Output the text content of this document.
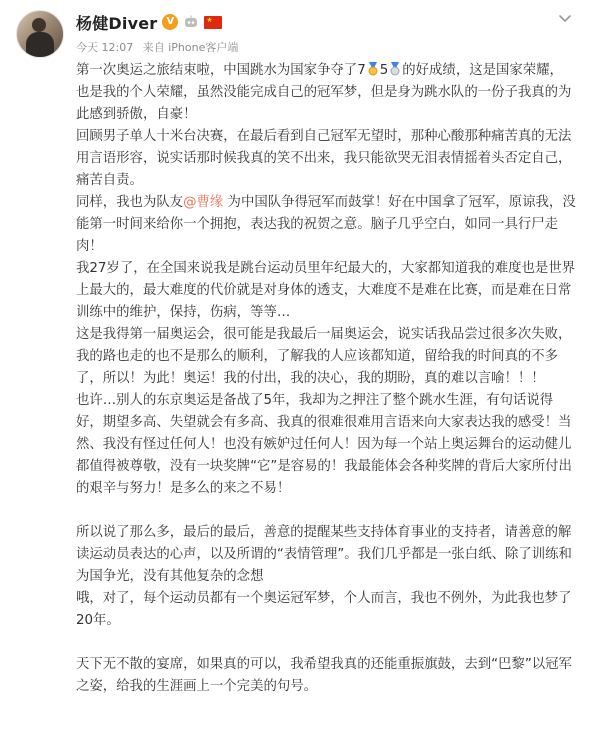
杨健Diver V	★
今天 12:07 来自 iPhone客户端

第一次奥运之旅结束啦，中国跳水为国家争夺了7 5 的好成绩，这是国家荣耀，也是我的个人荣耀，虽然没能完成自己的冠军梦，但是身为跳水队的一份子我真的为此感到骄傲，自豪！

回顾男子单人十米台决赛，在最后看到自己冠军无望时，那种心酸那种痛苦真的无法用言语形容，说实话那时候我真的笑不出来，我只能欲哭无泪表情摇着头否定自己，痛苦自责。

同样，我也为队友@曹缘 为中国队争得冠军而鼓掌！好在中国拿了冠军，原谅我，没能第一时间来给你一个拥抱，表达我的祝贺之意。脑子几乎空白，如同一具行尸走肉！

我27岁了，在全国来说我是跳台运动员里年纪最大的，大家都知道我的难度也是世界上最大的，最大难度的代价就是对身体的透支，大难度不是难在比赛，而是难在日常训练中的维护，保持，伤病，等等…

这是我得第一届奥运会，很可能是我最后一届奥运会，说实话我品尝过很多次失败，我的路也走的也不是那么的顺利，了解我的人应该都知道，留给我的时间真的不多了，所以！为此！奥运！我的付出，我的决心，我的期盼，真的难以言喻！！！

也许…别人的东京奥运是备战了5年，我却为之押注了整个跳水生涯，有句话说得好，期望多高、失望就会有多高、我真的很难很难用言语来向大家表达我的感受！当然、我没有怪过任何人！也没有嫉妒过任何人！因为每一个站上奥运舞台的运动健儿都值得被尊敬，没有一块奖牌“它”是容易的！我最能体会各种奖牌的背后大家所付出的艰辛与努力！是多么的来之不易！

所以说了那么多，最后的最后，善意的提醒某些支持体育事业的支持者，请善意的解读运动员表达的心声，以及所谓的“表情管理”。我们几乎都是一张白纸、除了训练和为国争光，没有其他复杂的念想

哦，对了，每个运动员都有一个奥运冠军梦，个人而言，我也不例外，为此我也梦了20年。

天下无不散的宴席，如果真的可以，我希望我真的还能重振旗鼓，去到“巴黎”以冠军之姿，给我的生涯画上一个完美的句号。
